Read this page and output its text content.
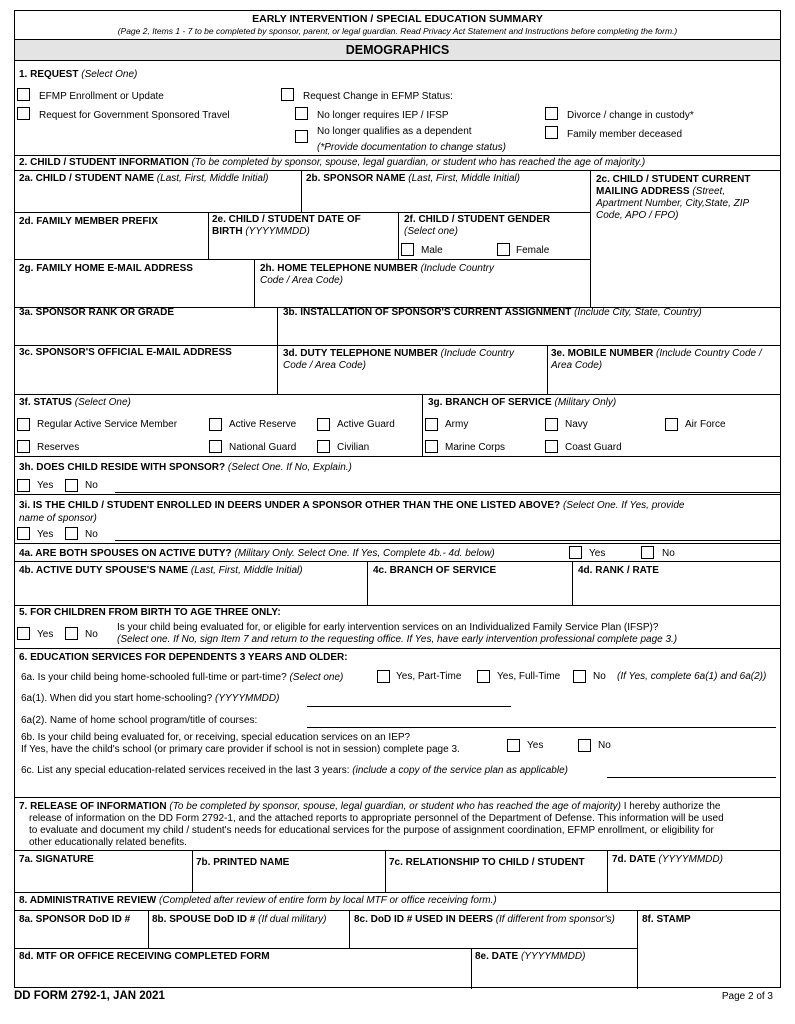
EARLY INTERVENTION / SPECIAL EDUCATION SUMMARY
(Page 2, Items 1 - 7 to be completed by sponsor, parent, or legal guardian. Read Privacy Act Statement and Instructions before completing the form.)
DEMOGRAPHICS
1. REQUEST (Select One)
EFMP Enrollment or Update
Request for Government Sponsored Travel
Request Change in EFMP Status:
No longer requires IEP / IFSP
No longer qualifies as a dependent
(*Provide documentation to change status)
Divorce / change in custody*
Family member deceased
2. CHILD / STUDENT INFORMATION (To be completed by sponsor, spouse, legal guardian, or student who has reached the age of majority.)
2a. CHILD / STUDENT NAME (Last, First, Middle Initial)	2b. SPONSOR NAME (Last, First, Middle Initial)	2c. CHILD / STUDENT CURRENT
MAILING ADDRESS (Street,
Apartment Number, City,State, ZIP
Code, APO / FPO)
2d. FAMILY MEMBER PREFIX	2e. CHILD / STUDENT DATE OF
BIRTH (YYYYMMDD)
2f. CHILD / STUDENT GENDER
(Select one)
Male	Female
2g. FAMILY HOME E-MAIL ADDRESS	2h. HOME TELEPHONE NUMBER (Include Country
Code / Area Code)
3a. SPONSOR RANK OR GRADE	3b. INSTALLATION OF SPONSOR'S CURRENT ASSIGNMENT (Include City, State, Country)
3c. SPONSOR'S OFFICIAL E-MAIL ADDRESS	3d. DUTY TELEPHONE NUMBER (Include Country
Code / Area Code)
3e. MOBILE NUMBER (Include Country Code /
Area Code)
3f. STATUS (Select One)
Regular Active Service Member	Active Reserve	Active Guard
Reserves	National Guard	Civilian
3g. BRANCH OF SERVICE (Military Only)
Army	Navy	Air Force
Marine Corps	Coast Guard
3h. DOES CHILD RESIDE WITH SPONSOR? (Select One. If No, Explain.)
Yes	No
3i. IS THE CHILD / STUDENT ENROLLED IN DEERS UNDER A SPONSOR OTHER THAN THE ONE LISTED ABOVE? (Select One. If Yes, provide
name of sponsor)
Yes	No
4a. ARE BOTH SPOUSES ON ACTIVE DUTY? (Military Only. Select One. If Yes, Complete 4b.- 4d. below)	Yes	No
4b. ACTIVE DUTY SPOUSE'S NAME (Last, First, Middle Initial)	4c. BRANCH OF SERVICE	4d. RANK / RATE
5. FOR CHILDREN FROM BIRTH TO AGE THREE ONLY:
Is your child being evaluated for, or eligible for early intervention services on an Individualized Family Service Plan (IFSP)?
(Select one. If No, sign Item 7 and return to the requesting office. If Yes, have early intervention professional complete page 3.)
Yes	No
6. EDUCATION SERVICES FOR DEPENDENTS 3 YEARS AND OLDER:
6a. Is your child being home-schooled full-time or part-time? (Select one)	Yes, Part-Time	Yes, Full-Time	No (If Yes, complete 6a(1) and 6a(2))
6a(1). When did you start home-schooling? (YYYYMMDD)
6a(2). Name of home school program/title of courses:
6b. Is your child being evaluated for, or receiving, special education services on an IEP?
If Yes, have the child's school (or primary care provider if school is not in session) complete page 3.	Yes	No
6c. List any special education-related services received in the last 3 years: (include a copy of the service plan as applicable)
7. RELEASE OF INFORMATION (To be completed by sponsor, spouse, legal guardian, or student who has reached the age of majority) I hereby authorize the
release of information on the DD Form 2792-1, and the attached reports to appropriate personnel of the Department of Defense. This information will be used
to evaluate and document my child / student's needs for educational services for the purpose of assignment coordination, EFMP enrollment, or eligibility for
other educationally related benefits.
7a. SIGNATURE	7b. PRINTED NAME	7c. RELATIONSHIP TO CHILD / STUDENT	7d. DATE (YYYYMMDD)
8. ADMINISTRATIVE REVIEW (Completed after review of entire form by local MTF or office receiving form.)
8a. SPONSOR DoD ID # 8b. SPOUSE DoD ID # (If dual military)	8c. DoD ID # USED IN DEERS (If different from sponsor's)	8f. STAMP
8d. MTF OR OFFICE RECEIVING COMPLETED FORM	8e. DATE (YYYYMMDD)
DD FORM 2792-1, JAN 2021	Page 2 of 3
